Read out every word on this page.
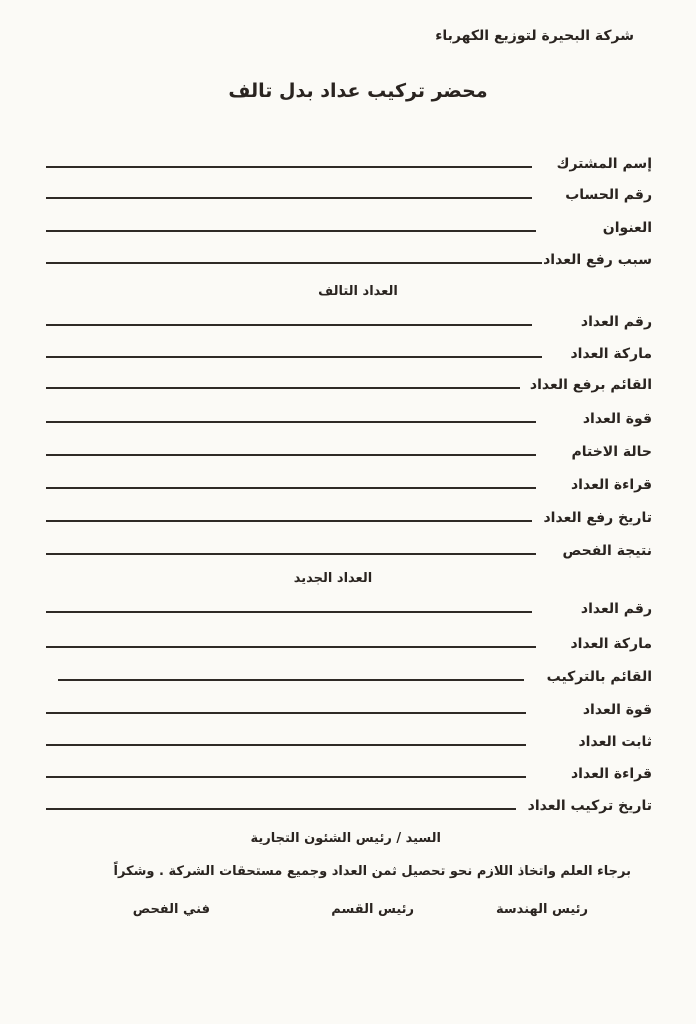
شركة البحيرة لتوزيع الكهرباء
محضر تركيب عداد بدل تالف
إسم المشترك
رقم الحساب
العنوان
سبب رفع العداد
العداد التالف
رقم العداد
ماركة العداد
القائم برفع العداد
قوة العداد
حالة الاختام
قراءة العداد
تاريخ رفع العداد
نتيجة الفحص
العداد الجديد
رقم العداد
ماركة العداد
القائم بالتركيب
قوة العداد
ثابت العداد
قراءة العداد
تاريخ تركيب العداد
السيد / رئيس الشئون التجارية
برجاء العلم واتخاذ اللازم نحو تحصيل ثمن العداد وجميع مستحقات الشركة . وشكراً
فني الفحص	رئيس القسم	رئيس الهندسة
